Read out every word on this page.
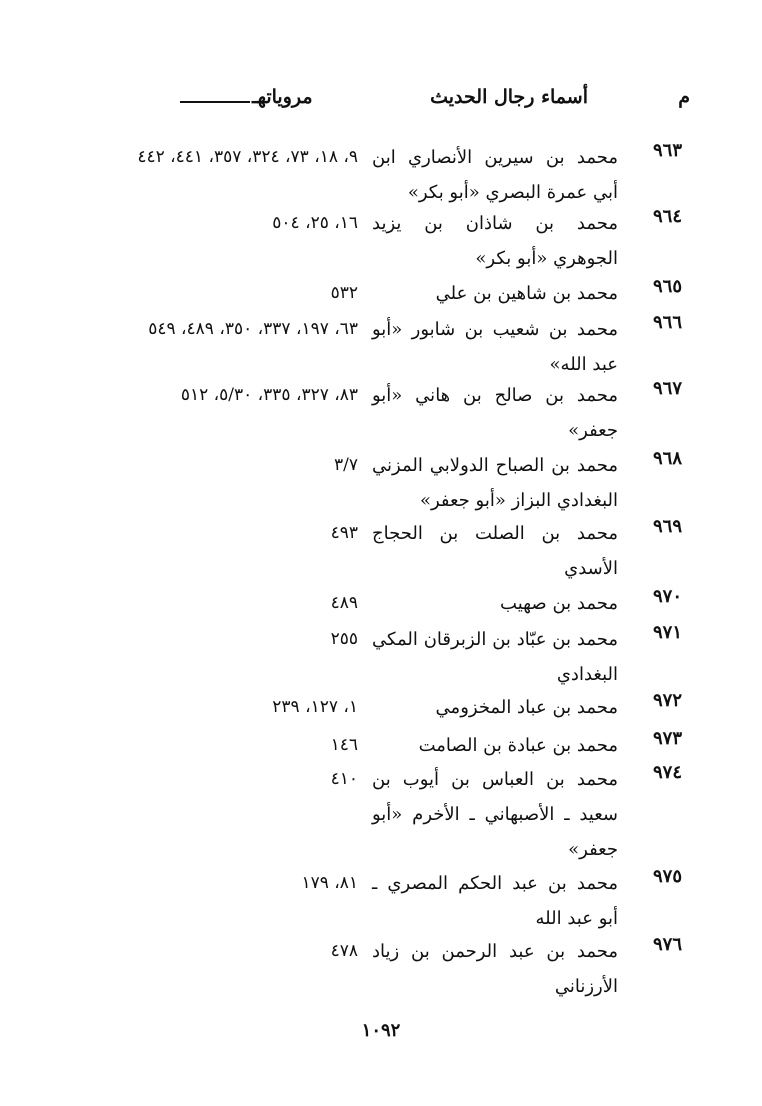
م
أسماء رجال الحديث
مروياتهـ
٩٦٣
محمد بن سيرين الأنصاري ابن أبي عمرة البصري «أبو بكر»
٩، ١٨، ٧٣، ٣٢٤، ٣٥٧، ٤٤١، ٤٤٢
٩٦٤
محمد بن شاذان بن يزيد الجوهري «أبو بكر»
١٦، ٢٥، ٥٠٤
٩٦٥
محمد بن شاهين بن علي
٥٣٢
٩٦٦
محمد بن شعيب بن شابور «أبو عبد الله»
٦٣، ١٩٧، ٣٣٧، ٣٥٠، ٤٨٩، ٥٤٩
٩٦٧
محمد بن صالح بن هاني «أبو جعفر»
٨٣، ٣٢٧، ٣٣٥، ٥/٣٠، ٥١٢
٩٦٨
محمد بن الصباح الدولابي المزني البغدادي البزاز «أبو جعفر»
٣/٧
٩٦٩
محمد بن الصلت بن الحجاج الأسدي
٤٩٣
٩٧٠
محمد بن صهيب
٤٨٩
٩٧١
محمد بن عبّاد بن الزبرقان المكي البغدادي
٢٥٥
٩٧٢
محمد بن عباد المخزومي
١، ١٢٧، ٢٣٩
٩٧٣
محمد بن عبادة بن الصامت
١٤٦
٩٧٤
محمد بن العباس بن أيوب بن سعيد ـ الأصبهاني ـ الأخرم «أبو جعفر»
٤١٠
٩٧٥
محمد بن عبد الحكم المصري ـ أبو عبد الله
٨١، ١٧٩
٩٧٦
محمد بن عبد الرحمن بن زياد الأرزناني
٤٧٨
١٠٩٢
